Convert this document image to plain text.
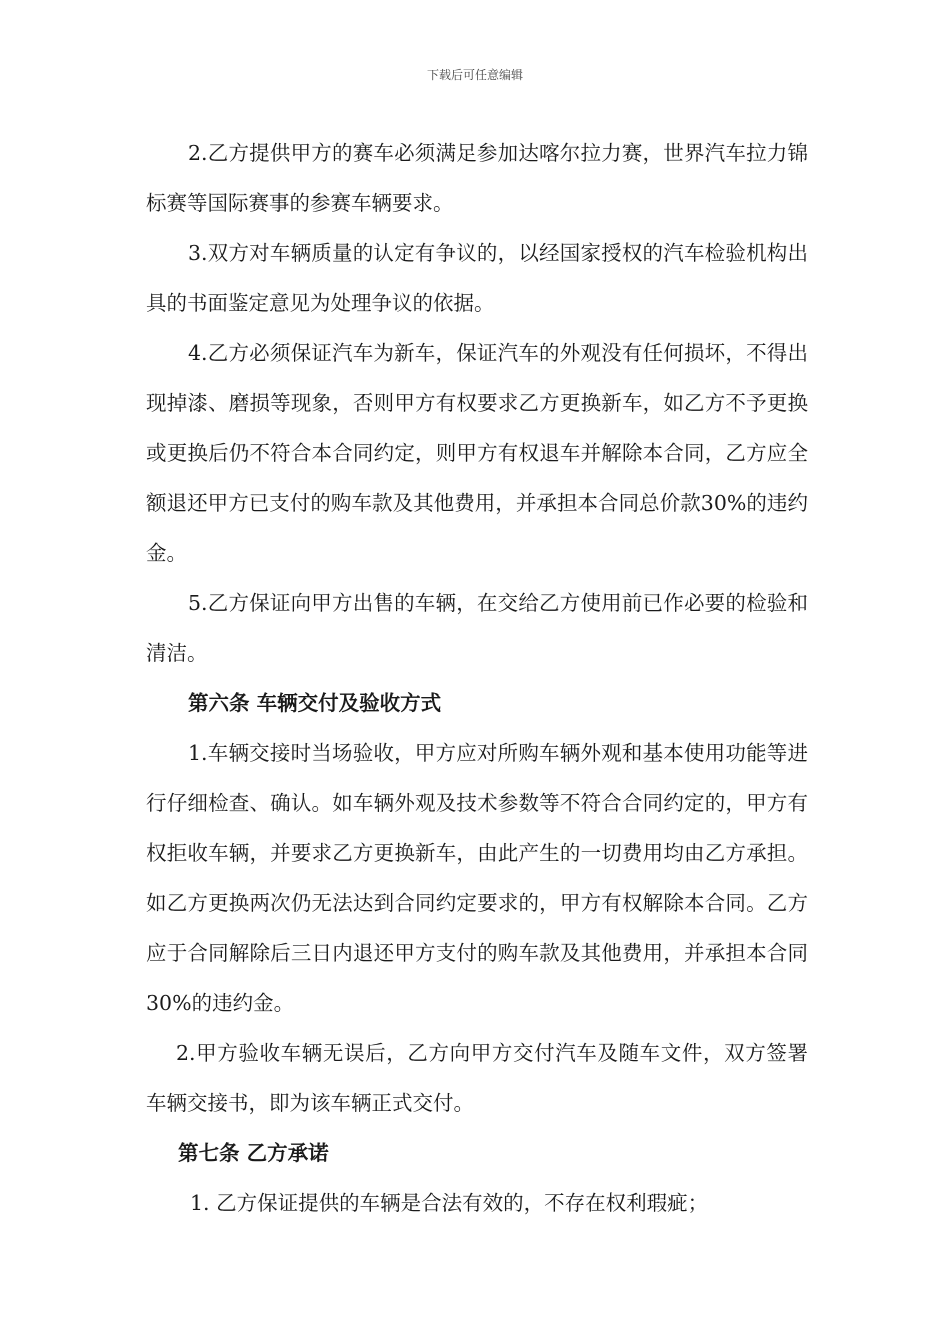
下载后可任意编辑

2.乙方提供甲方的赛车必须满足参加达喀尔拉力赛，世界汽车拉力锦标赛等国际赛事的参赛车辆要求。

3.双方对车辆质量的认定有争议的，以经国家授权的汽车检验机构出具的书面鉴定意见为处理争议的依据。

4.乙方必须保证汽车为新车，保证汽车的外观没有任何损坏，不得出现掉漆、磨损等现象，否则甲方有权要求乙方更换新车，如乙方不予更换或更换后仍不符合本合同约定，则甲方有权退车并解除本合同，乙方应全额退还甲方已支付的购车款及其他费用，并承担本合同总价款30%的违约金。

5.乙方保证向甲方出售的车辆，在交给乙方使用前已作必要的检验和清洁。

第六条 车辆交付及验收方式

1.车辆交接时当场验收，甲方应对所购车辆外观和基本使用功能等进行仔细检查、确认。如车辆外观及技术参数等不符合合同约定的，甲方有权拒收车辆，并要求乙方更换新车，由此产生的一切费用均由乙方承担。如乙方更换两次仍无法达到合同约定要求的，甲方有权解除本合同。乙方应于合同解除后三日内退还甲方支付的购车款及其他费用，并承担本合同30%的违约金。

2.甲方验收车辆无误后，乙方向甲方交付汽车及随车文件，双方签署车辆交接书，即为该车辆正式交付。

第七条 乙方承诺

1. 乙方保证提供的车辆是合法有效的，不存在权利瑕疵；
